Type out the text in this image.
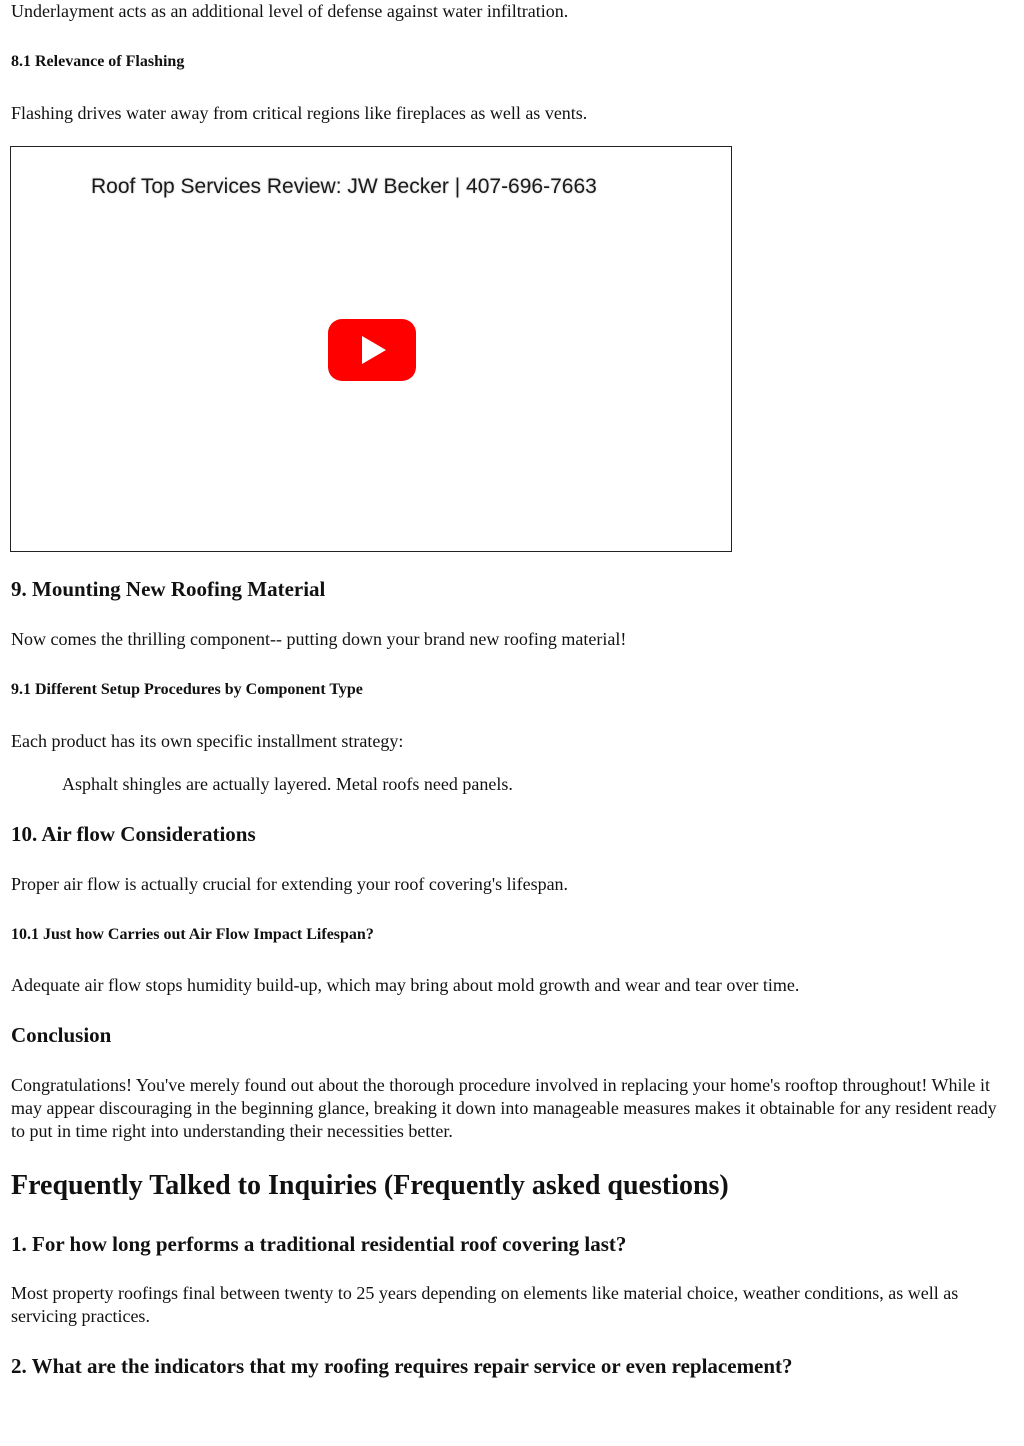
Underlayment acts as an additional level of defense against water infiltration.

8.1 Relevance of Flashing

Flashing drives water away from critical regions like fireplaces as well as vents.

Roof Top Services Review: JW Becker | 407-696-7663
9. Mounting New Roofing Material

Now comes the thrilling component-- putting down your brand new roofing material!

9.1 Different Setup Procedures by Component Type

Each product has its own specific installment strategy:

Asphalt shingles are actually layered. Metal roofs need panels.

10. Air flow Considerations

Proper air flow is actually crucial for extending your roof covering's lifespan.

10.1 Just how Carries out Air Flow Impact Lifespan?

Adequate air flow stops humidity build-up, which may bring about mold growth and wear and tear over time.

Conclusion

Congratulations! You've merely found out about the thorough procedure involved in replacing your home's rooftop throughout! While it may appear discouraging in the beginning glance, breaking it down into manageable measures makes it obtainable for any resident ready to put in time right into understanding their necessities better.

Frequently Talked to Inquiries (Frequently asked questions)
1. For how long performs a traditional residential roof covering last?

Most property roofings final between twenty to 25 years depending on elements like material choice, weather conditions, as well as servicing practices.

2. What are the indicators that my roofing requires repair service or even replacement?
